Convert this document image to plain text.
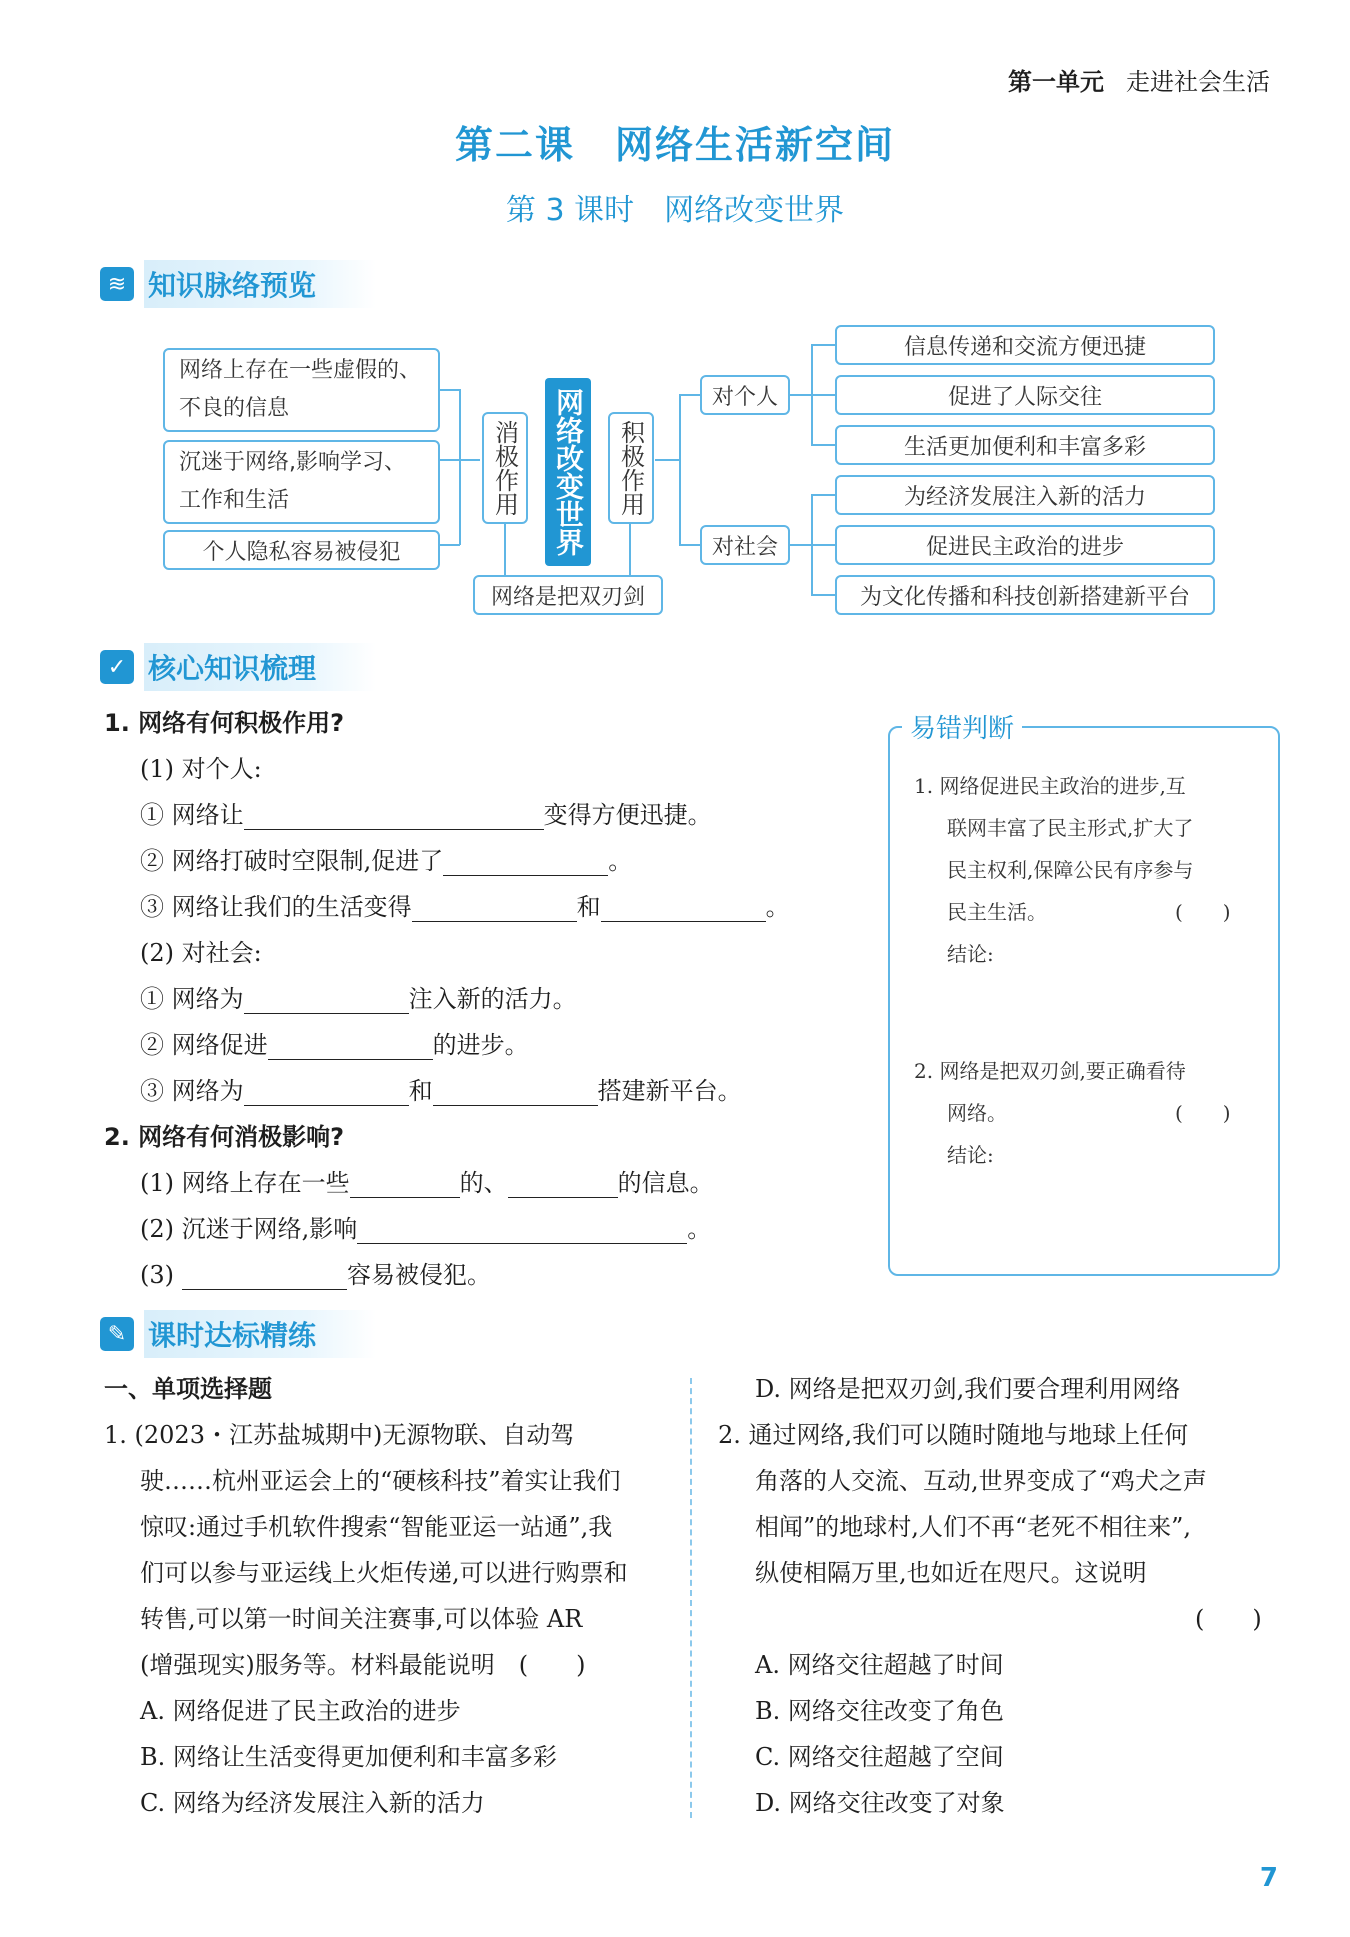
第一单元 走进社会生活
第二课　网络生活新空间
第 3 课时　网络改变世界
≋ 知识脉络预览
网络上存在一些虚假的、
不良的信息
沉迷于网络,影响学习、
工作和生活
个人隐私容易被侵犯
消极作用	网络改变世界	积极作用
网络是把双刃剑
对个人
对社会
信息传递和交流方便迅捷
促进了人际交往
生活更加便利和丰富多彩
为经济发展注入新的活力
促进民主政治的进步
为文化传播和科技创新搭建新平台
✓ 核心知识梳理
1. 网络有何积极作用?
(1) 对个人:
① 网络让	变得方便迅捷。
② 网络打破时空限制,促进了	。
③ 网络让我们的生活变得	和	。
(2) 对社会:
① 网络为	注入新的活力。
② 网络促进	的进步。
③ 网络为	和	搭建新平台。
2. 网络有何消极影响?
(1) 网络上存在一些	的、	的信息。
(2) 沉迷于网络,影响	。
(3)	容易被侵犯。
易错判断
1. 网络促进民主政治的进步,互
联网丰富了民主形式,扩大了
民主权利,保障公民有序参与
民主生活。	(　　)
结论:
2. 网络是把双刃剑,要正确看待
网络。	(　　)
结论:
✎ 课时达标精练
一、单项选择题
1. (2023・江苏盐城期中)无源物联、自动驾
驶……杭州亚运会上的“硬核科技”着实让我们
惊叹:通过手机软件搜索“智能亚运一站通”,我
们可以参与亚运线上火炬传递,可以进行购票和
转售,可以第一时间关注赛事,可以体验 AR
(增强现实)服务等。材料最能说明　(　　)
A. 网络促进了民主政治的进步
B. 网络让生活变得更加便利和丰富多彩
C. 网络为经济发展注入新的活力
D. 网络是把双刃剑,我们要合理利用网络
2. 通过网络,我们可以随时随地与地球上任何
角落的人交流、互动,世界变成了“鸡犬之声
相闻”的地球村,人们不再“老死不相往来”,
纵使相隔万里,也如近在咫尺。这说明
(　　)
A. 网络交往超越了时间
B. 网络交往改变了角色
C. 网络交往超越了空间
D. 网络交往改变了对象
7
